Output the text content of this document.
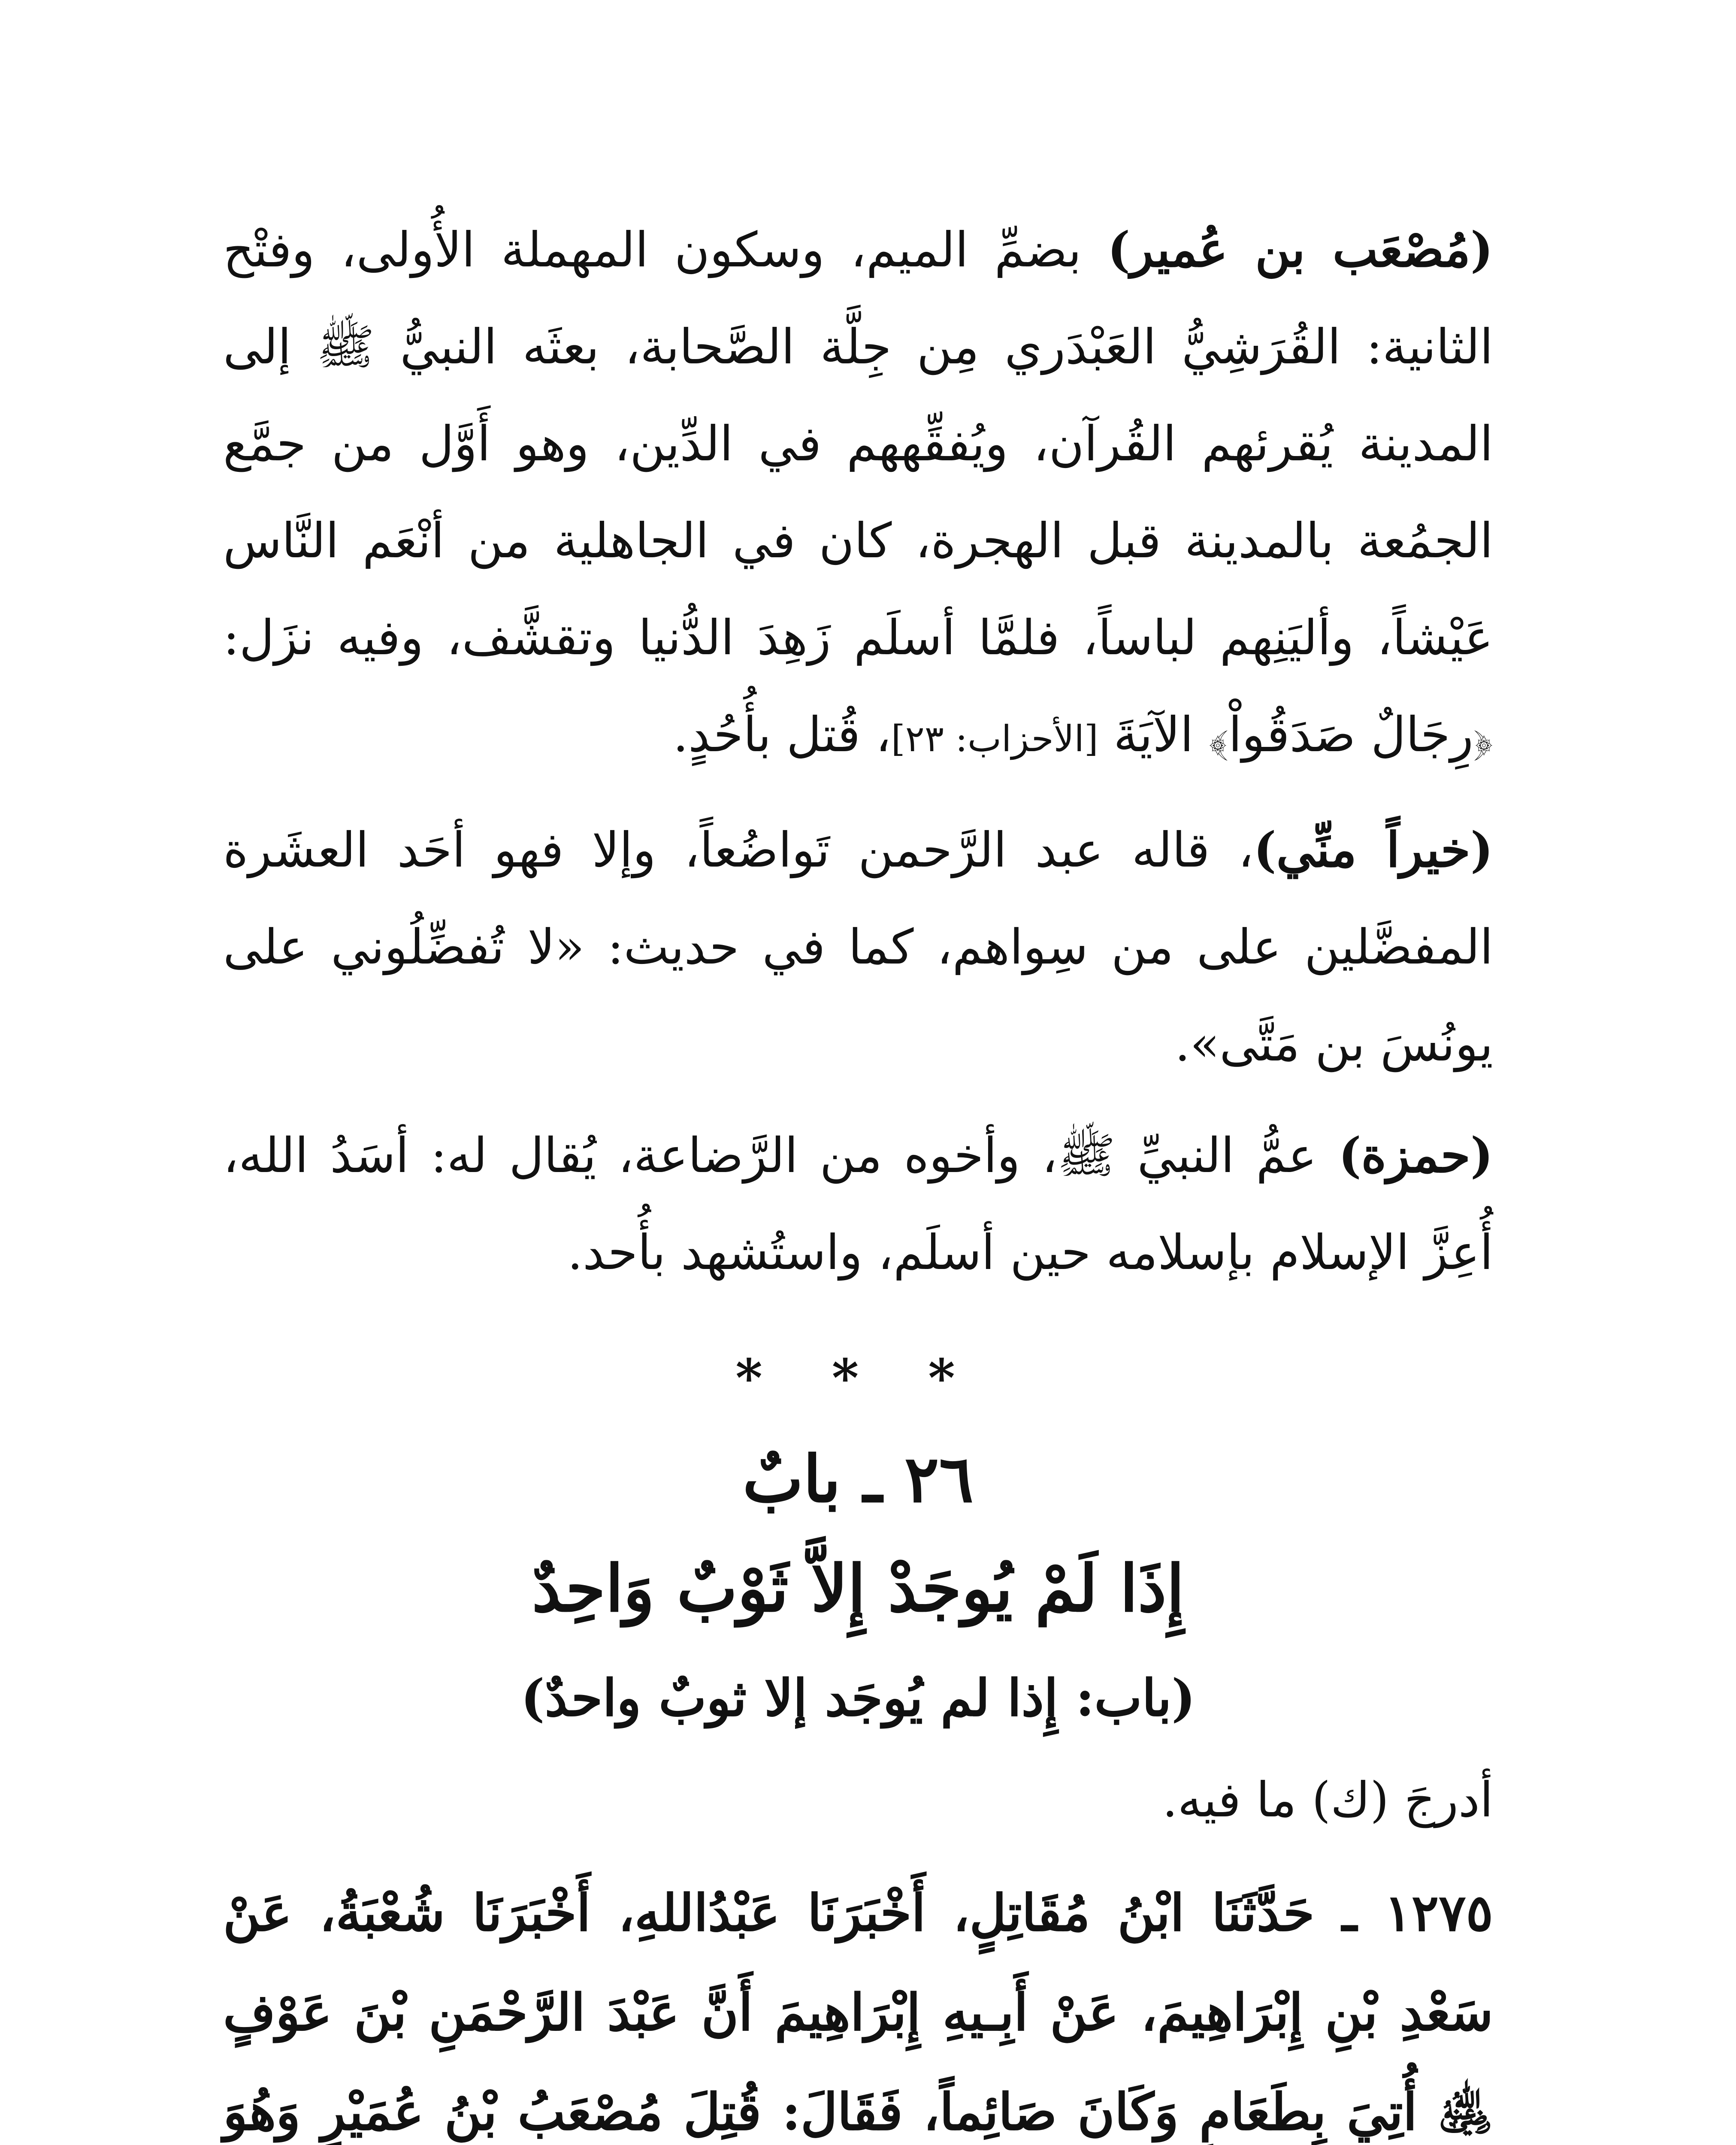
(مُصْعَب بن عُمير) بضمِّ الميم، وسكون المهملة الأُولى، وفتْح الثانية: القُرَشِيُّ العَبْدَري مِن جِلَّة الصَّحابة، بعثَه النبيُّ ﷺ إلى المدينة يُقرئهم القُرآن، ويُفقِّههم في الدِّين، وهو أَوَّل من جمَّع الجمُعة بالمدينة قبل الهجرة، كان في الجاهلية من أنْعَم النَّاس عَيْشاً، وأليَنِهم لباساً، فلمَّا أسلَم زَهِدَ الدُّنيا وتقشَّف، وفيه نزَل: ﴿رِجَالٌ صَدَقُواْ﴾ الآيَةَ [الأحزاب: ٢٣]، قُتل بأُحُدٍ.

(خيراً منِّي)، قاله عبد الرَّحمن تَواضُعاً، وإلا فهو أحَد العشَرة المفضَّلين على من سِواهم، كما في حديث: «لا تُفضِّلُوني على يونُسَ بن مَتَّى».

(حمزة) عمُّ النبيِّ ﷺ، وأخوه من الرَّضاعة، يُقال له: أسَدُ الله، أُعِزَّ الإسلام بإسلامه حين أسلَم، واستُشهد بأُحد.

* * *

٢٦ ـ بابٌ

إِذَا لَمْ يُوجَدْ إِلاَّ ثَوْبٌ وَاحِدٌ

(باب: إِذا لم يُوجَد إلا ثوبٌ واحدٌ)

أدرجَ (ك) ما فيه.

١٢٧٥ ـ حَدَّثَنَا ابْنُ مُقَاتِلٍ، أَخْبَرَنَا عَبْدُاللهِ، أَخْبَرَنَا شُعْبَةُ، عَنْ سَعْدِ بْنِ إِبْرَاهِيمَ، عَنْ أَبِـيهِ إِبْرَاهِيمَ أَنَّ عَبْدَ الرَّحْمَنِ بْنَ عَوْفٍ ﵁ أُتِيَ بِطَعَامٍ وَكَانَ صَائِماً، فَقَالَ: قُتِلَ مُصْعَبُ بْنُ عُمَيْرٍ وَهُوَ
